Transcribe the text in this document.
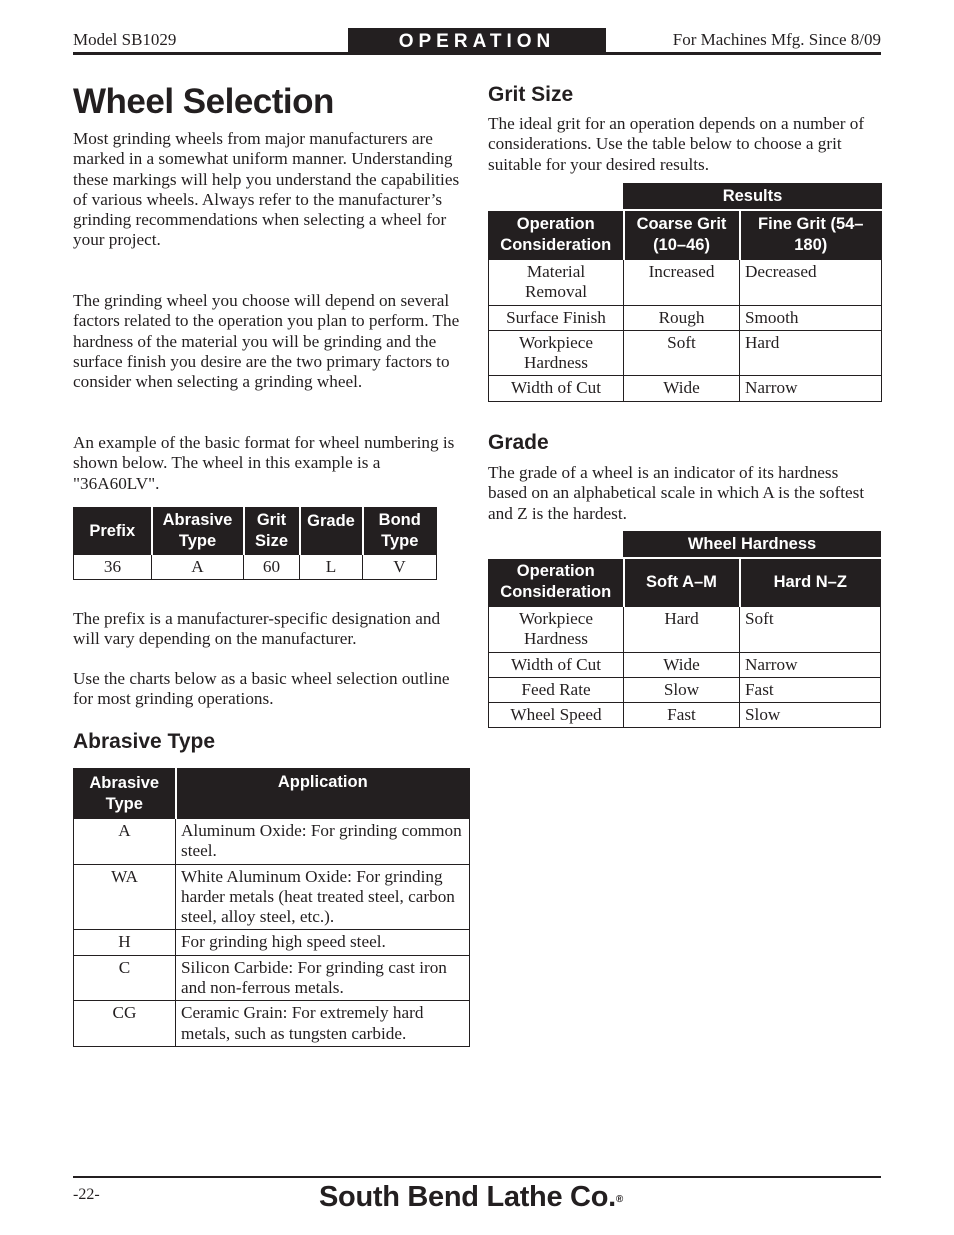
Model SB1029	OPERATION	For Machines Mfg. Since 8/09
Wheel Selection

Most grinding wheels from major manufacturers are marked in a somewhat uniform manner. Understanding these markings will help you understand the capabilities of various wheels. Always refer to the manufacturer’s grinding recommendations when selecting a wheel for your project.

The grinding wheel you choose will depend on several factors related to the operation you plan to perform. The hardness of the material you will be grinding and the surface finish you desire are the two primary factors to consider when selecting a grinding wheel.

An example of the basic format for wheel numbering is shown below. The wheel in this example is a "36A60LV".

Prefix	Abrasive Type	Grit Size	Grade	Bond Type
36	A	60	L	V

The prefix is a manufacturer-specific designation and will vary depending on the manufacturer.

Use the charts below as a basic wheel selection outline for most grinding operations.

Abrasive Type
Abrasive Type	Application
A	Aluminum Oxide: For grinding common steel.
WA	White Aluminum Oxide: For grinding harder metals (heat treated steel, carbon steel, alloy steel, etc.).
H	For grinding high speed steel.
C	Silicon Carbide: For grinding cast iron and non-ferrous metals.
CG	Ceramic Grain: For extremely hard metals, such as tungsten carbide.
Grit Size

The ideal grit for an operation depends on a number of considerations. Use the table below to choose a grit suitable for your desired results.

	Results	
Operation Consideration	Coarse Grit (10–46)	Fine Grit (54–180)
Material Removal	Increased	Decreased
Surface Finish	Rough	Smooth
Workpiece Hardness	Soft	Hard
Width of Cut	Wide	Narrow
Grade

The grade of a wheel is an indicator of its hardness based on an alphabetical scale in which A is the softest and Z is the hardest.

	Wheel Hardness	
Operation Consideration	Soft A–M	Hard N–Z
Workpiece Hardness	Hard	Soft
Width of Cut	Wide	Narrow
Feed Rate	Slow	Fast
Wheel Speed	Fast	Slow
-22-	South Bend Lathe Co.®
